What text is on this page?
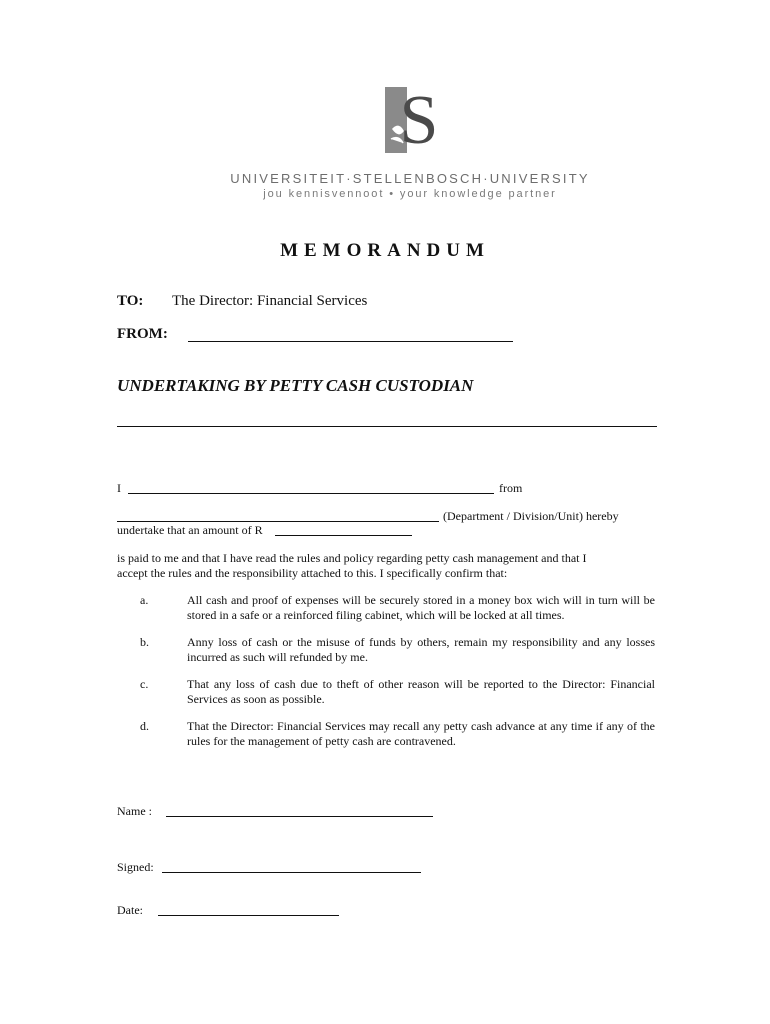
S
UNIVERSITEIT·STELLENBOSCH·UNIVERSITY
jou kennisvennoot • your knowledge partner
MEMORANDUM
TO: The Director: Financial Services
FROM:
UNDERTAKING BY PETTY CASH CUSTODIAN
I	from
(Department / Division/Unit) hereby
undertake that an amount of R
is paid to me and that I have read the rules and policy regarding petty cash management and that I
accept the rules and the responsibility attached to this. I specifically confirm that:
a.	All cash and proof of expenses will be securely stored in a money box wich will in turn will be stored in a safe or a reinforced filing cabinet, which will be locked at all times.
b.	Anny loss of cash or the misuse of funds by others, remain my responsibility and any losses incurred as such will refunded by me.
c.	That any loss of cash due to theft of other reason will be reported to the Director: Financial Services as soon as possible.
d.	That the Director: Financial Services may recall any petty cash advance at any time if any of the rules for the management of petty cash are contravened.
Name :
Signed:
Date:
